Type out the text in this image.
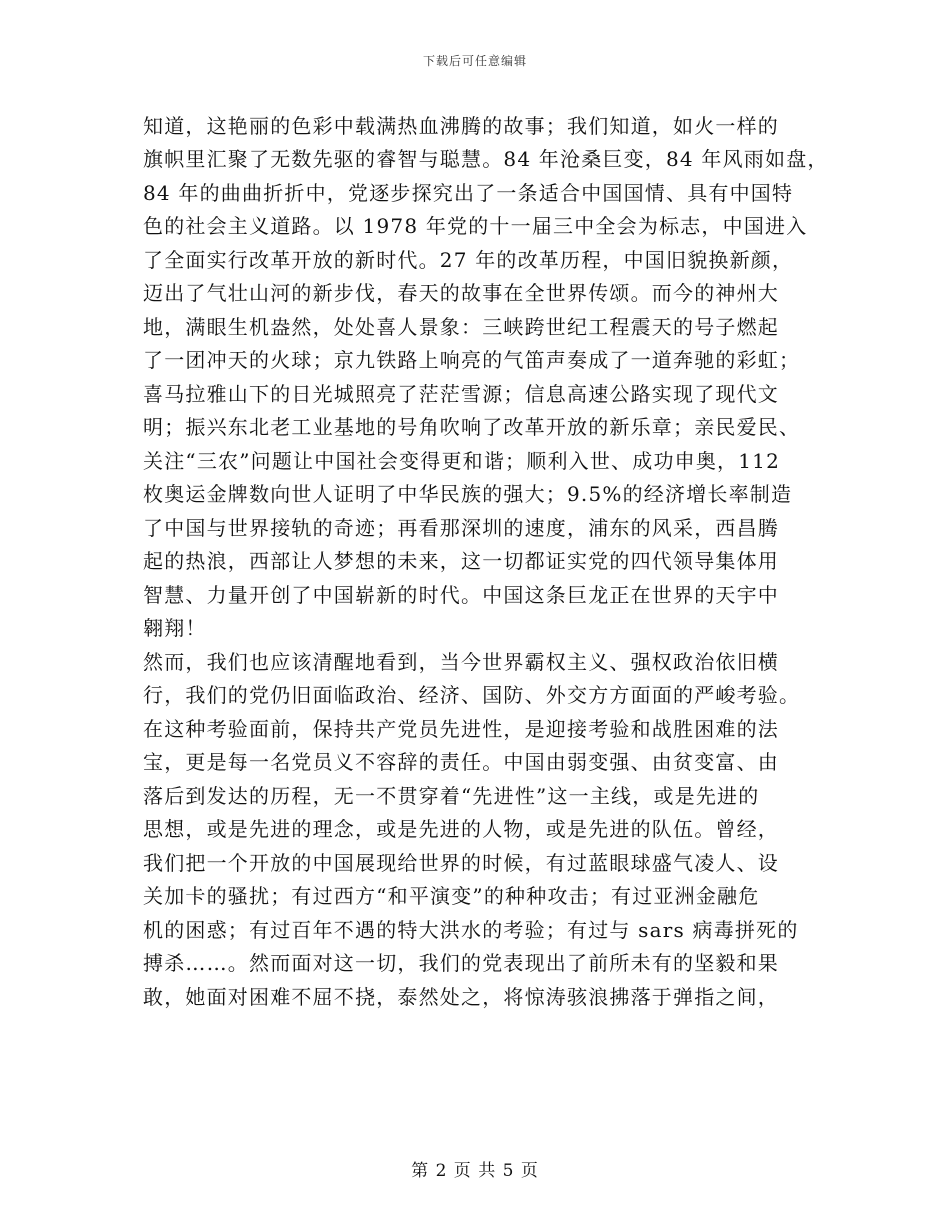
下载后可任意编辑
知道，这艳丽的色彩中载满热血沸腾的故事；我们知道，如火一样的
旗帜里汇聚了无数先驱的睿智与聪慧。84 年沧桑巨变，84 年风雨如盘，
84 年的曲曲折折中，党逐步探究出了一条适合中国国情、具有中国特
色的社会主义道路。以 1978 年党的十一届三中全会为标志，中国进入
了全面实行改革开放的新时代。27 年的改革历程，中国旧貌换新颜，
迈出了气壮山河的新步伐，春天的故事在全世界传颂。而今的神州大
地，满眼生机盎然，处处喜人景象：三峡跨世纪工程震天的号子燃起
了一团冲天的火球；京九铁路上响亮的气笛声奏成了一道奔驰的彩虹；
喜马拉雅山下的日光城照亮了茫茫雪源；信息高速公路实现了现代文
明；振兴东北老工业基地的号角吹响了改革开放的新乐章；亲民爱民、
关注“三农”问题让中国社会变得更和谐；顺利入世、成功申奥，112
枚奥运金牌数向世人证明了中华民族的强大；9.5%的经济增长率制造
了中国与世界接轨的奇迹；再看那深圳的速度，浦东的风采，西昌腾
起的热浪，西部让人梦想的未来，这一切都证实党的四代领导集体用
智慧、力量开创了中国崭新的时代。中国这条巨龙正在世界的天宇中
翱翔！
然而，我们也应该清醒地看到，当今世界霸权主义、强权政治依旧横
行，我们的党仍旧面临政治、经济、国防、外交方方面面的严峻考验。
在这种考验面前，保持共产党员先进性，是迎接考验和战胜困难的法
宝，更是每一名党员义不容辞的责任。中国由弱变强、由贫变富、由
落后到发达的历程，无一不贯穿着“先进性”这一主线，或是先进的
思想，或是先进的理念，或是先进的人物，或是先进的队伍。曾经，
我们把一个开放的中国展现给世界的时候，有过蓝眼球盛气凌人、设
关加卡的骚扰；有过西方“和平演变”的种种攻击；有过亚洲金融危
机的困惑；有过百年不遇的特大洪水的考验；有过与 sars 病毒拼死的
搏杀……。然而面对这一切，我们的党表现出了前所未有的坚毅和果
敢，她面对困难不屈不挠，泰然处之，将惊涛骇浪拂落于弹指之间，
第 2 页 共 5 页
